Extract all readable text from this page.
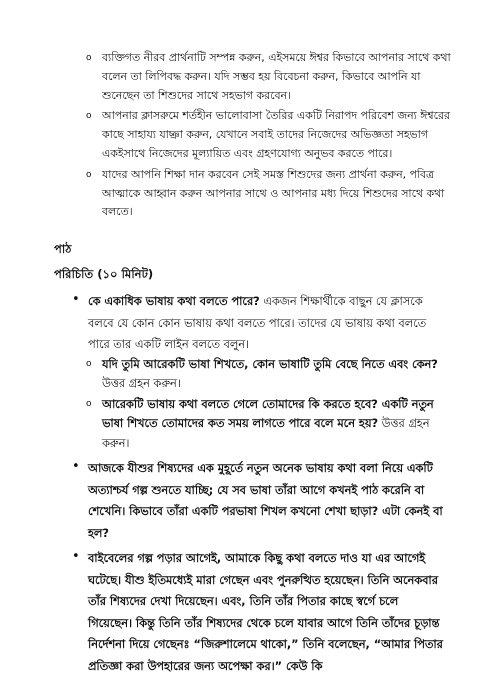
o ব্যক্তিগত নীরব প্রার্থনাটি সম্পন্ন করুন, এইসময়ে ঈশ্বর কিভাবে আপনার সাথে কথা বলেন তা লিপিবদ্ধ করুন। যদি সম্ভব হয় বিবেচনা করুন, কিভাবে আপনি যা শুনেছেন তা শিশুদের সাথে সহভাগ করবেন।
o আপনার ক্লাসরুমে শর্তহীন ভালোবাসা তৈরির একটি নিরাপদ পরিবেশ জন্য ঈশ্বরের কাছে সাহায্য যাচ্ঞা করুন, যেখানে সবাই তাদের নিজেদের অভিজ্ঞতা সহভাগ একইসাথে নিজেদের মূল্যায়িত এবং গ্রহণযোগ্য অনুভব করতে পারে।
o যাদের আপনি শিক্ষা দান করবেন সেই সমস্ত শিশুদের জন্য প্রার্থনা করুন, পবিত্র আত্মাকে আহ্বান করুন আপনার সাথে ও আপনার মধ্য দিয়ে শিশুদের সাথে কথা বলতে।
পাঠ
পরিচিতি (১০ মিনিট)
• কে একাধিক ভাষায় কথা বলতে পারে? একজন শিক্ষার্থীকে বাছুন যে ক্লাসকে বলবে যে কোন কোন ভাষায় কথা বলতে পারে। তাদের যে ভাষায় কথা বলতে পারে তার একটি লাইন বলতে বলুন।
o যদি তুমি আরেকটি ভাষা শিখতে, কোন ভাষাটি তুমি বেছে নিতে এবং কেন? উত্তর গ্রহন করুন।
o আরেকটি ভাষায় কথা বলতে গেলে তোমাদের কি করতে হবে? একটি নতুন ভাষা শিখতে তোমাদের কত সময় লাগতে পারে বলে মনে হয়? উত্তর গ্রহন করুন।
• আজকে যীশুর শিষ্যদের এক মুহূর্তে নতুন অনেক ভাষায় কথা বলা নিয়ে একটি অত্যাশ্চর্য গল্প শুনতে যাচ্ছি; যে সব ভাষা তাঁরা আগে কখনই পাঠ করেনি বা শেখেনি। কিভাবে তাঁরা একটি পরভাষা শিখল কখনো শেখা ছাড়া? এটা কেনই বা হল?
• বাইবেলের গল্প পড়ার আগেই, আমাকে কিছু কথা বলতে দাও যা এর আগেই ঘটেছে। যীশু ইতিমধ্যেই মারা গেছেন এবং পুনরুত্থিত হয়েছেন। তিনি অনেকবার তাঁর শিষ্যদের দেখা দিয়েছেন। এবং, তিনি তাঁর পিতার কাছে স্বর্গে চলে গিয়েছেন। কিন্তু তিনি তাঁর শিষ্যদের থেকে চলে যাবার আগে তিনি তাঁদের চূড়ান্ত নির্দেশনা দিয়ে গেছেনঃ “জিরুশালেমে থাকো,” তিনি বলেছেন, “আমার পিতার প্রতিজ্ঞা করা উপহারের জন্য অপেক্ষা কর।” কেউ কি
